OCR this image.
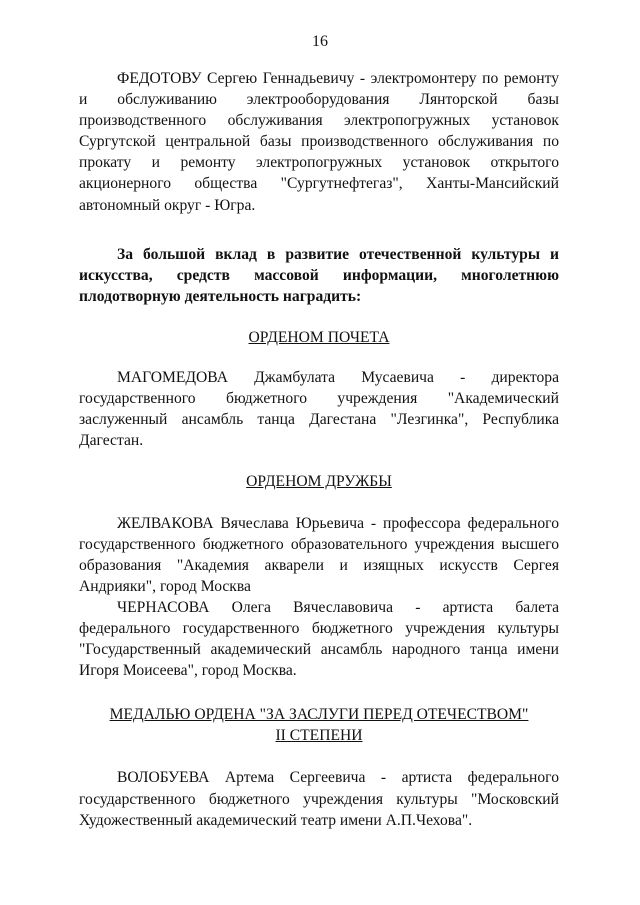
16

ФЕДОТОВУ Сергею Геннадьевичу - электромонтеру по ремонту и обслуживанию электрооборудования Лянторской базы производственного обслуживания электропогружных установок Сургутской центральной базы производственного обслуживания по прокату и ремонту электропогружных установок открытого акционерного общества "Сургутнефтегаз", Ханты-Мансийский автономный округ - Югра.

За большой вклад в развитие отечественной культуры и искусства, средств массовой информации, многолетнюю плодотворную деятельность наградить:

ОРДЕНОМ ПОЧЕТА

МАГОМЕДОВА Джамбулата Мусаевича - директора государственного бюджетного учреждения "Академический заслуженный ансамбль танца Дагестана "Лезгинка", Республика Дагестан.

ОРДЕНОМ ДРУЖБЫ

ЖЕЛВАКОВА Вячеслава Юрьевича - профессора федерального государственного бюджетного образовательного учреждения высшего образования "Академия акварели и изящных искусств Сергея Андрияки", город Москва

ЧЕРНАСОВА Олега Вячеславовича - артиста балета федерального государственного бюджетного учреждения культуры "Государственный академический ансамбль народного танца имени Игоря Моисеева", город Москва.

МЕДАЛЬЮ ОРДЕНА "ЗА ЗАСЛУГИ ПЕРЕД ОТЕЧЕСТВОМ"

II СТЕПЕНИ

ВОЛОБУЕВА Артема Сергеевича - артиста федерального государственного бюджетного учреждения культуры "Московский Художественный академический театр имени А.П.Чехова".
